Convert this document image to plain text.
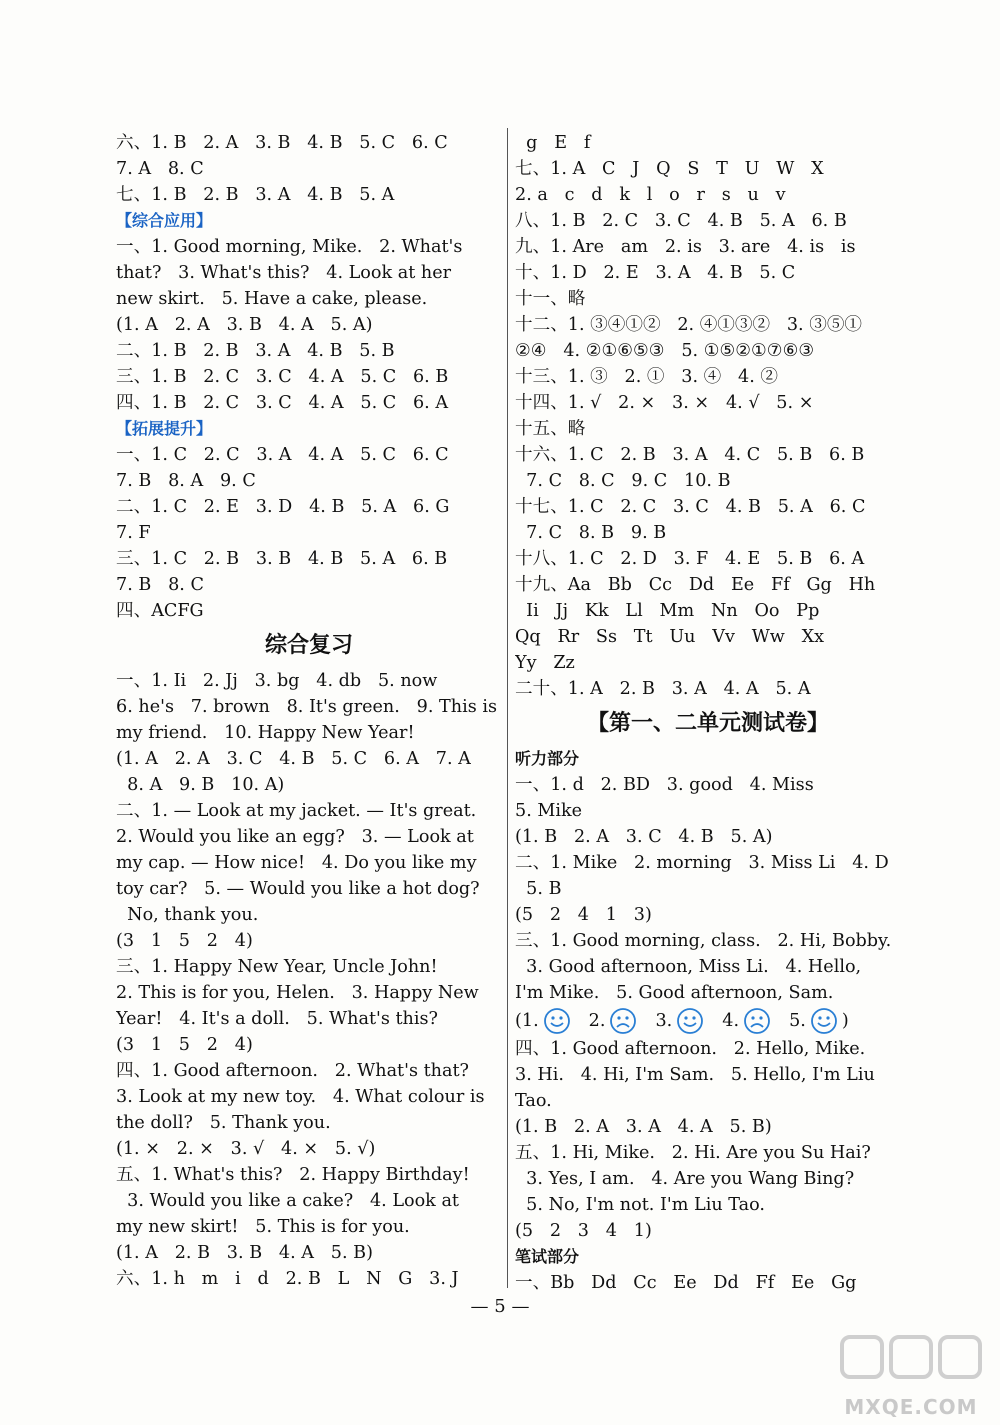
六、1. B   2. A   3. B   4. B   5. C   6. C
7. A   8. C
七、1. B   2. B   3. A   4. B   5. A
【综合应用】
一、1. Good morning, Mike.   2. What's
that?   3. What's this?   4. Look at her
new skirt.   5. Have a cake, please.
(1. A   2. A   3. B   4. A   5. A)
二、1. B   2. B   3. A   4. B   5. B
三、1. B   2. C   3. C   4. A   5. C   6. B
四、1. B   2. C   3. C   4. A   5. C   6. A
【拓展提升】
一、1. C   2. C   3. A   4. A   5. C   6. C
7. B   8. A   9. C
二、1. C   2. E   3. D   4. B   5. A   6. G
7. F
三、1. C   2. B   3. B   4. B   5. A   6. B
7. B   8. C
四、ACFG
综合复习
一、1. Ii   2. Jj   3. bg   4. db   5. now
6. he's   7. brown   8. It's green.   9. This is
my friend.   10. Happy New Year!
(1. A   2. A   3. C   4. B   5. C   6. A   7. A
8. A   9. B   10. A)
二、1. — Look at my jacket. — It's great.
2. Would you like an egg?   3. — Look at
my cap. — How nice!   4. Do you like my
toy car?   5. — Would you like a hot dog?
No, thank you.
(3   1   5   2   4)
三、1. Happy New Year, Uncle John!
2. This is for you, Helen.   3. Happy New
Year!   4. It's a doll.   5. What's this?
(3   1   5   2   4)
四、1. Good afternoon.   2. What's that?
3. Look at my new toy.   4. What colour is
the doll?   5. Thank you.
(1. ×   2. ×   3. √   4. ×   5. √)
五、1. What's this?   2. Happy Birthday!
3. Would you like a cake?   4. Look at
my new skirt!   5. This is for you.
(1. A   2. B   3. B   4. A   5. B)
六、1. h   m   i   d   2. B   L   N   G   3. J
g   E   f
七、1. A   C   J   Q   S   T   U   W   X
2. a   c   d   k   l   o   r   s   u   v
八、1. B   2. C   3. C   4. B   5. A   6. B
九、1. Are   am   2. is   3. are   4. is   is
十、1. D   2. E   3. A   4. B   5. C
十一、略
十二、1. ③④①②   2. ④①③②   3. ③⑤①
②④   4. ②①⑥⑤③   5. ①⑤②①⑦⑥③
十三、1. ③   2. ①   3. ④   4. ②
十四、1. √   2. ×   3. ×   4. √   5. ×
十五、略
十六、1. C   2. B   3. A   4. C   5. B   6. B
7. C   8. C   9. C   10. B
十七、1. C   2. C   3. C   4. B   5. A   6. C
7. C   8. B   9. B
十八、1. C   2. D   3. F   4. E   5. B   6. A
十九、Aa   Bb   Cc   Dd   Ee   Ff   Gg   Hh
Ii   Jj   Kk   Ll   Mm   Nn   Oo   Pp
Qq   Rr   Ss   Tt   Uu   Vv   Ww   Xx
Yy   Zz
二十、1. A   2. B   3. A   4. A   5. A
【第一、二单元测试卷】
听力部分
一、1. d   2. BD   3. good   4. Miss
5. Mike
(1. B   2. A   3. C   4. B   5. A)
二、1. Mike   2. morning   3. Miss Li   4. D
5. B
(5   2   4   1   3)
三、1. Good morning, class.   2. Hi, Bobby.
3. Good afternoon, Miss Li.   4. Hello,
I'm Mike.   5. Good afternoon, Sam.
( 1.	2.	3.	4.	5.	)
四、1. Good afternoon.   2. Hello, Mike.
3. Hi.   4. Hi, I'm Sam.   5. Hello, I'm Liu
Tao.
(1. B   2. A   3. A   4. A   5. B)
五、1. Hi, Mike.   2. Hi. Are you Su Hai?
3. Yes, I am.   4. Are you Wang Bing?
5. No, I'm not. I'm Liu Tao.
(5   2   3   4   1)
笔试部分
一、Bb   Dd   Cc   Ee   Dd   Ff   Ee   Gg
— 5 —
MXQE.COM
